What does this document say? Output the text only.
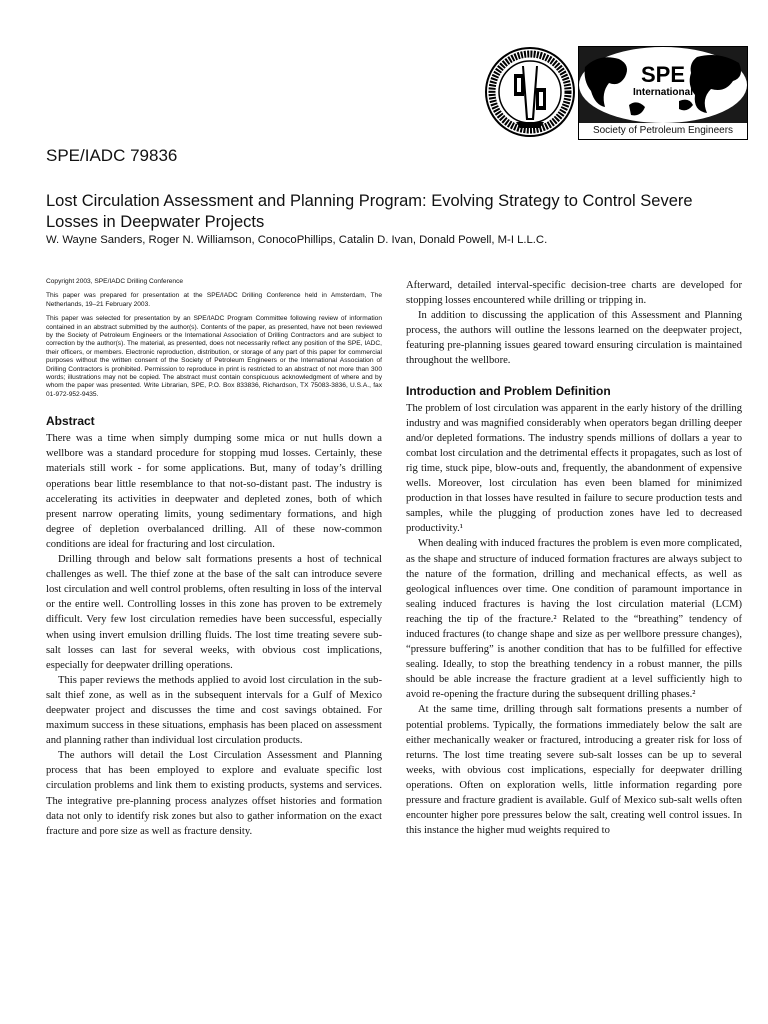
SPE
International
Society of Petroleum Engineers
SPE/IADC 79836
Lost Circulation Assessment and Planning Program: Evolving Strategy to Control Severe Losses in Deepwater Projects
W. Wayne Sanders, Roger N. Williamson, ConocoPhillips, Catalin D. Ivan, Donald Powell, M-I L.L.C.

Copyright 2003, SPE/IADC Drilling Conference

This paper was prepared for presentation at the SPE/IADC Drilling Conference held in Amsterdam, The Netherlands, 19–21 February 2003.

This paper was selected for presentation by an SPE/IADC Program Committee following review of information contained in an abstract submitted by the author(s). Contents of the paper, as presented, have not been reviewed by the Society of Petroleum Engineers or the International Association of Drilling Contractors and are subject to correction by the author(s). The material, as presented, does not necessarily reflect any position of the SPE, IADC, their officers, or members. Electronic reproduction, distribution, or storage of any part of this paper for commercial purposes without the written consent of the Society of Petroleum Engineers or the International Association of Drilling Contractors is prohibited. Permission to reproduce in print is restricted to an abstract of not more than 300 words; illustrations may not be copied. The abstract must contain conspicuous acknowledgment of where and by whom the paper was presented. Write Librarian, SPE, P.O. Box 833836, Richardson, TX 75083-3836, U.S.A., fax 01-972-952-9435.

Abstract

There was a time when simply dumping some mica or nut hulls down a wellbore was a standard procedure for stopping mud losses. Certainly, these materials still work - for some applications. But, many of today’s drilling operations bear little resemblance to that not-so-distant past. The industry is accelerating its activities in deepwater and depleted zones, both of which present narrow operating limits, young sedimentary formations, and high degree of depletion overbalanced drilling. All of these now-common conditions are ideal for fracturing and lost circulation.

Drilling through and below salt formations presents a host of technical challenges as well. The thief zone at the base of the salt can introduce severe lost circulation and well control problems, often resulting in loss of the interval or the entire well. Controlling losses in this zone has proven to be extremely difficult. Very few lost circulation remedies have been successful, especially when using invert emulsion drilling fluids. The lost time treating severe sub-salt losses can last for several weeks, with obvious cost implications, especially for deepwater drilling operations.

This paper reviews the methods applied to avoid lost circulation in the sub-salt thief zone, as well as in the subsequent intervals for a Gulf of Mexico deepwater project and discusses the time and cost savings obtained. For maximum success in these situations, emphasis has been placed on assessment and planning rather than individual lost circulation products.

The authors will detail the Lost Circulation Assessment and Planning process that has been employed to explore and evaluate specific lost circulation problems and link them to existing products, systems and services. The integrative pre-planning process analyzes offset histories and formation data not only to identify risk zones but also to gather information on the exact fracture and pore size as well as fracture density.

Afterward, detailed interval-specific decision-tree charts are developed for stopping losses encountered while drilling or tripping in.

In addition to discussing the application of this Assessment and Planning process, the authors will outline the lessons learned on the deepwater project, featuring pre-planning issues geared toward ensuring circulation is maintained throughout the wellbore.

Introduction and Problem Definition

The problem of lost circulation was apparent in the early history of the drilling industry and was magnified considerably when operators began drilling deeper and/or depleted formations. The industry spends millions of dollars a year to combat lost circulation and the detrimental effects it propagates, such as lost of rig time, stuck pipe, blow-outs and, frequently, the abandonment of expensive wells. Moreover, lost circulation has even been blamed for minimized production in that losses have resulted in failure to secure production tests and samples, while the plugging of production zones have led to decreased productivity.¹

When dealing with induced fractures the problem is even more complicated, as the shape and structure of induced formation fractures are always subject to the nature of the formation, drilling and mechanical effects, as well as geological influences over time. One condition of paramount importance in sealing induced fractures is having the lost circulation material (LCM) reaching the tip of the fracture.² Related to the “breathing” tendency of induced fractures (to change shape and size as per wellbore pressure changes), “pressure buffering” is another condition that has to be fulfilled for effective sealing. Ideally, to stop the breathing tendency in a robust manner, the pills should be able increase the fracture gradient at a level sufficiently high to avoid re-opening the fracture during the subsequent drilling phases.²

At the same time, drilling through salt formations presents a number of potential problems. Typically, the formations immediately below the salt are either mechanically weaker or fractured, introducing a greater risk for loss of returns. The lost time treating severe sub-salt losses can be up to several weeks, with obvious cost implications, especially for deepwater drilling operations. Often on exploration wells, little information regarding pore pressure and fracture gradient is available. Gulf of Mexico sub-salt wells often encounter higher pore pressures below the salt, creating well control issues. In this instance the higher mud weights required to
